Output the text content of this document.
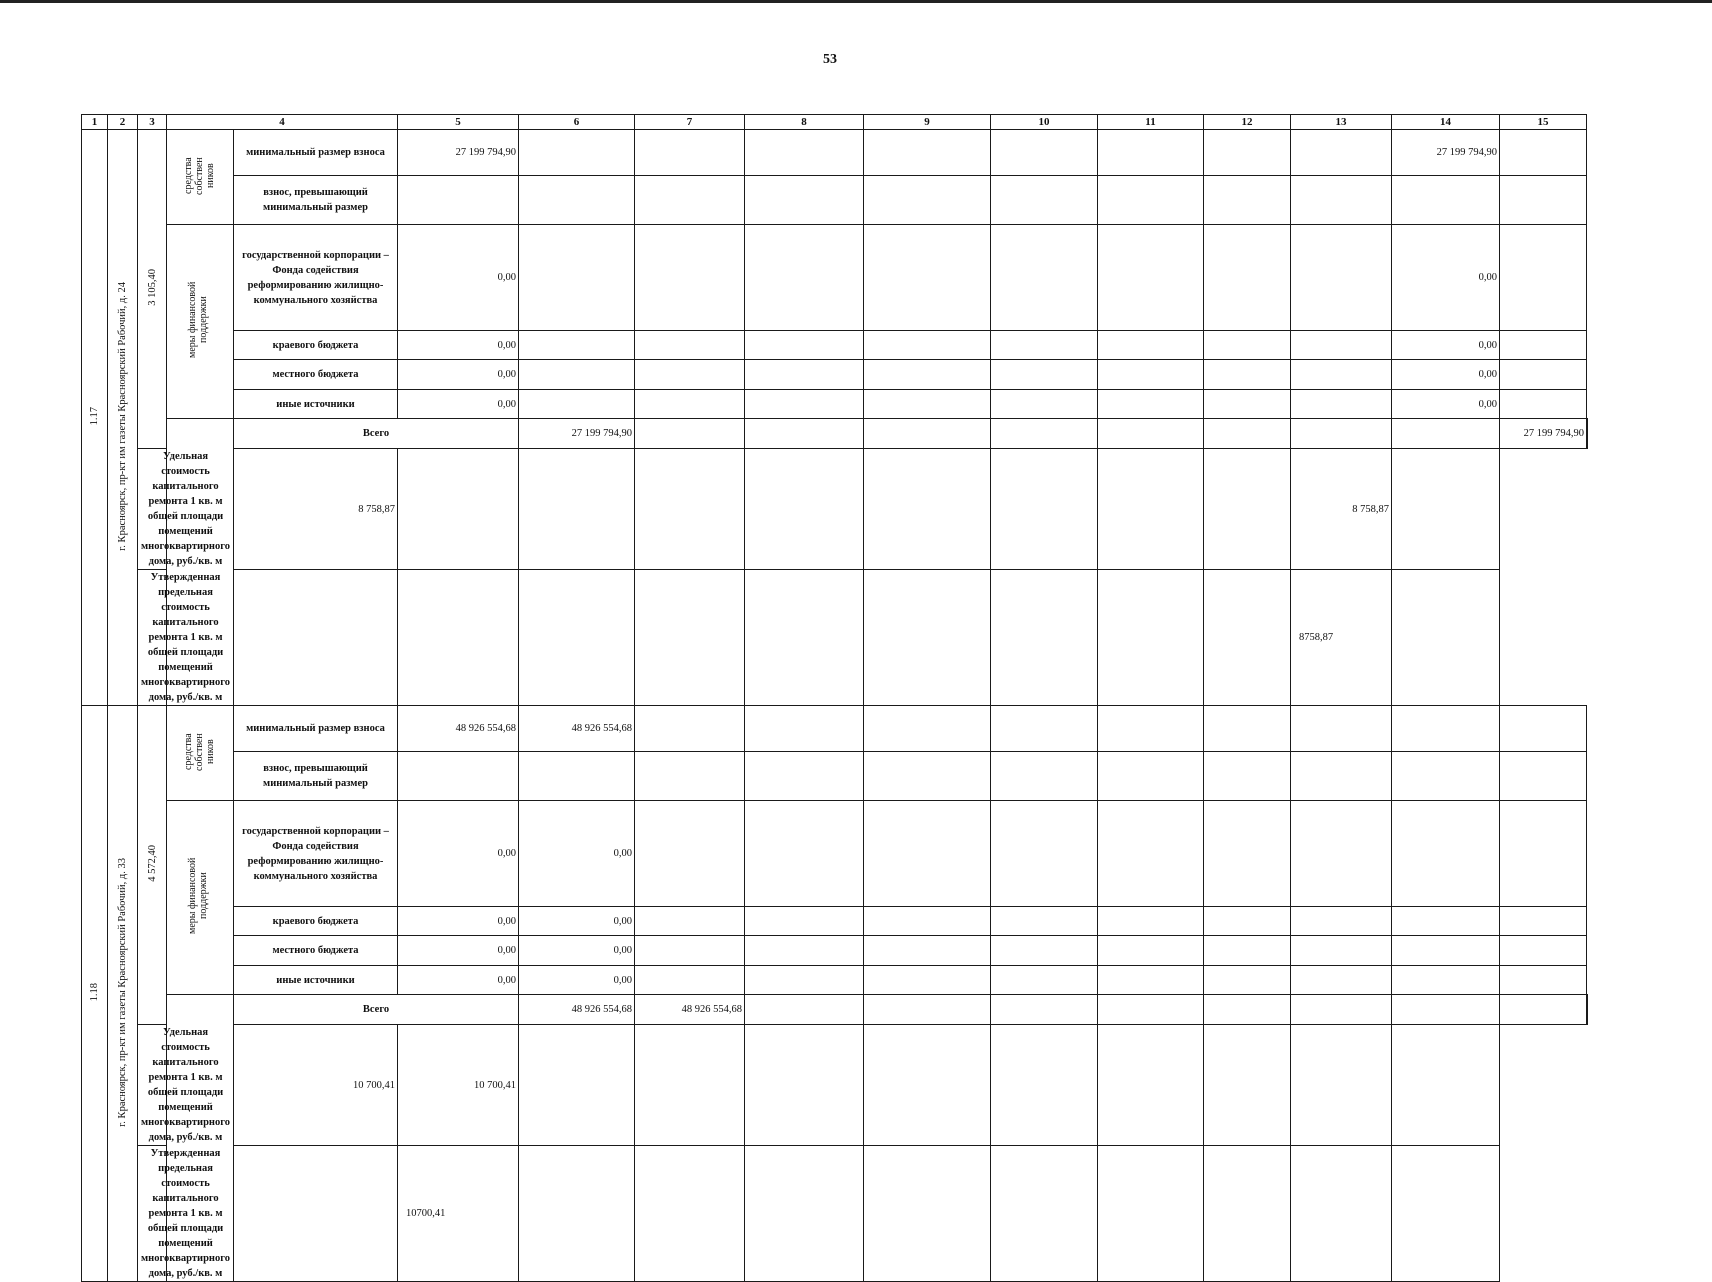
53
1	2	3	4		5	6	7	8	9	10	11	12	13	14	15	
1.17	г. Красноярск, пр-кт им газеты Красноярский Рабочий, д. 24	3 105,40	средства собствен ников	минимальный размер взноса	27 199 794,90									27 199 794,90		
				взнос, превышающий минимальный размер												
			меры финансовой поддержки	государственной корпорации – Фонда содействия реформированию жилищно-коммунального хозяйства	0,00									0,00		
				краевого бюджета	0,00									0,00		
				местного бюджета	0,00									0,00		
				иные источники	0,00									0,00		
				Всего		27 199 794,90									27 199 794,90	
		Удельная стоимость капитального ремонта 1 кв. м общей площади помещений многоквартирного дома, руб./кв. м		8 758,87									8 758,87			
		Утвержденная предельная стоимость капитального ремонта 1 кв. м общей площади помещений многоквартирного дома, руб./кв. м											8758,87			
1.18	г. Красноярск, пр-кт им газеты Красноярский Рабочий, д. 33	4 572,40	средства собствен ников	минимальный размер взноса	48 926 554,68	48 926 554,68										
				взнос, превышающий минимальный размер												
			меры финансовой поддержки	государственной корпорации – Фонда содействия реформированию жилищно-коммунального хозяйства	0,00	0,00										
				краевого бюджета	0,00	0,00										
				местного бюджета	0,00	0,00										
				иные источники	0,00	0,00										
				Всего		48 926 554,68	48 926 554,68									
		Удельная стоимость капитального ремонта 1 кв. м общей площади помещений многоквартирного дома, руб./кв. м		10 700,41	10 700,41											
		Утвержденная предельная стоимость капитального ремонта 1 кв. м общей площади помещений многоквартирного дома, руб./кв. м			10700,41											
